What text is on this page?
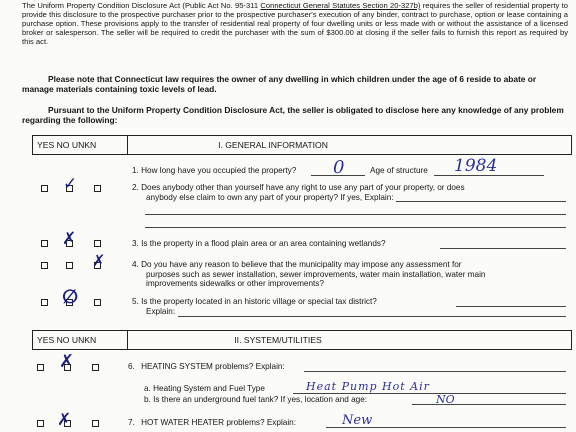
The Uniform Property Condition Disclosure Act (Public Act No. 95-311 Connecticut General Statutes Section 20-327b) requires the seller of residential property to provide this disclosure to the prospective purchaser prior to the prospective purchaser's execution of any binder, contract to purchase, option or lease containing a purchase option. These provisions apply to the transfer of residential real property of four dwelling units or less made with or without the assistance of a licensed broker or salesperson. The seller will be required to credit the purchaser with the sum of $300.00 at closing if the seller fails to furnish this report as required by this act.
Please note that Connecticut law requires the owner of any dwelling in which children under the age of 6 reside to abate or manage materials containing toxic levels of lead.
Pursuant to the Uniform Property Condition Disclosure Act, the seller is obligated to disclose here any knowledge of any problem regarding the following:
YES NO UNKN	I. GENERAL INFORMATION
1. How long have you occupied the property? 0	Age of structure 1984
✓	2. Does anybody other than yourself have any right to use any part of your property, or does
anybody else claim to own any part of your property? If yes, Explain:
✗	3. Is the property in a flood plain area or an area containing wetlands?
✗	4. Do you have any reason to believe that the municipality may impose any assessment for
purposes such as sewer installation, sewer improvements, water main installation, water main
improvements sidewalks or other improvements?
∅	5. Is the property located in an historic village or special tax district?
Explain:
YES NO UNKN	II. SYSTEM/UTILITIES
✗	6. HEATING SYSTEM problems? Explain:
a. Heating System and Fuel Type	Heat Pump Hot Air
b. Is there an underground fuel tank? If yes, location and age:	NO
✗	7. HOT WATER HEATER problems? Explain:	New
